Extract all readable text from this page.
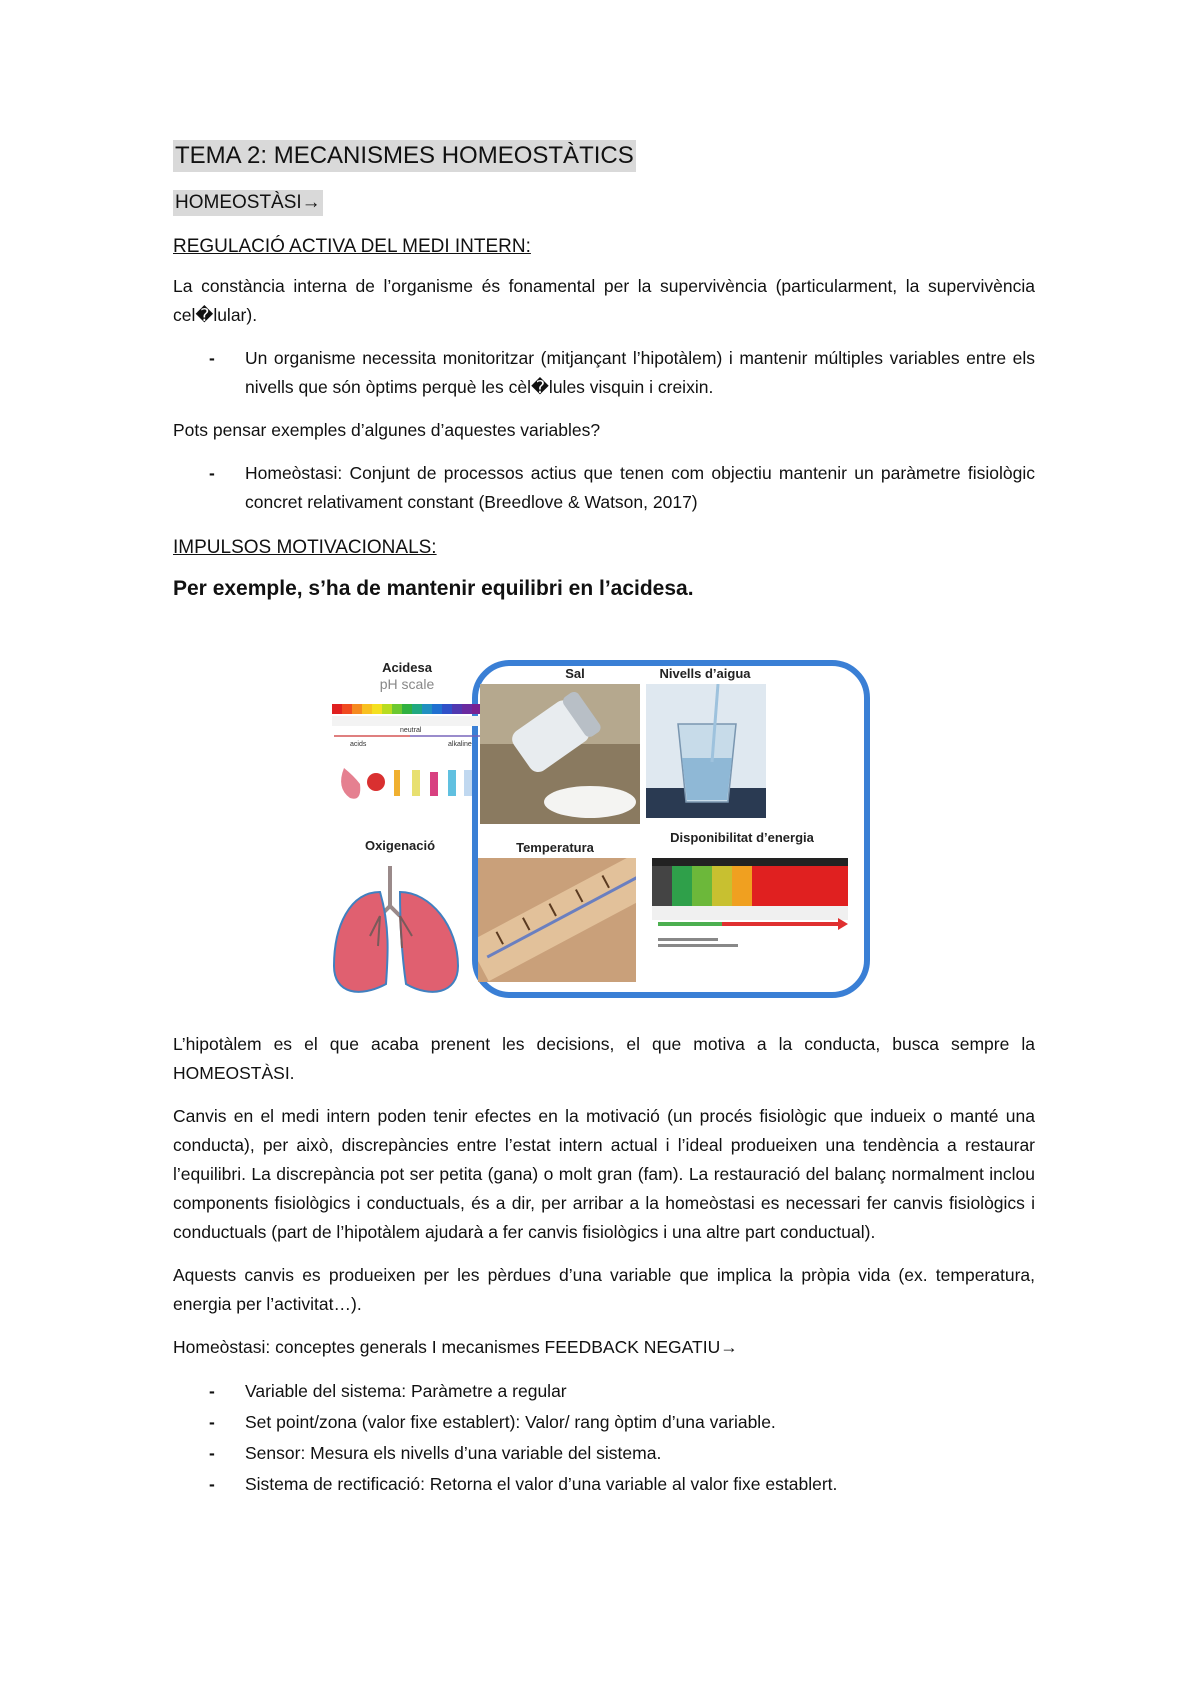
TEMA 2: MECANISMES HOMEOSTÀTICS
HOMEOSTÀSI→
REGULACIÓ ACTIVA DEL MEDI INTERN:

La constància interna de l’organisme és fonamental per la supervivència (particularment, la supervivència cel�lular).

- Un organisme necessita monitoritzar (mitjançant l’hipotàlem) i mantenir múltiples variables entre els nivells que són òptims perquè les cèl�lules visquin i creixin.

Pots pensar exemples d’algunes d’aquestes variables?

- Homeòstasi: Conjunt de processos actius que tenen com objectiu mantenir un paràmetre fisiològic concret relativament constant (Breedlove & Watson, 2017)
IMPULSOS MOTIVACIONALS:
Per exemple, s’ha de mantenir equilibri en l’acidesa.
Acidesa
pH scale
acids
neutral
alkaline
Sal	Nivells d’aigua
Oxigenació	Temperatura
Disponibilitat d’energia

L’hipotàlem es el que acaba prenent les decisions, el que motiva a la conducta, busca sempre la HOMEOSTÀSI.

Canvis en el medi intern poden tenir efectes en la motivació (un procés fisiològic que indueix o manté una conducta), per això, discrepàncies entre l’estat intern actual i l’ideal produeixen una tendència a restaurar l’equilibri. La discrepància pot ser petita (gana) o molt gran (fam). La restauració del balanç normalment inclou components fisiològics i conductuals, és a dir, per arribar a la homeòstasi es necessari fer canvis fisiològics i conductuals (part de l’hipotàlem ajudarà a fer canvis fisiològics i una altre part conductual).

Aquests canvis es produeixen per les pèrdues d’una variable que implica la pròpia vida (ex. temperatura, energia per l’activitat…).

Homeòstasi: conceptes generals I mecanismes FEEDBACK NEGATIU→

- Variable del sistema: Paràmetre a regular
- Set point/zona (valor fixe establert): Valor/ rang òptim d’una variable.
- Sensor: Mesura els nivells d’una variable del sistema.
- Sistema de rectificació: Retorna el valor d’una variable al valor fixe establert.
